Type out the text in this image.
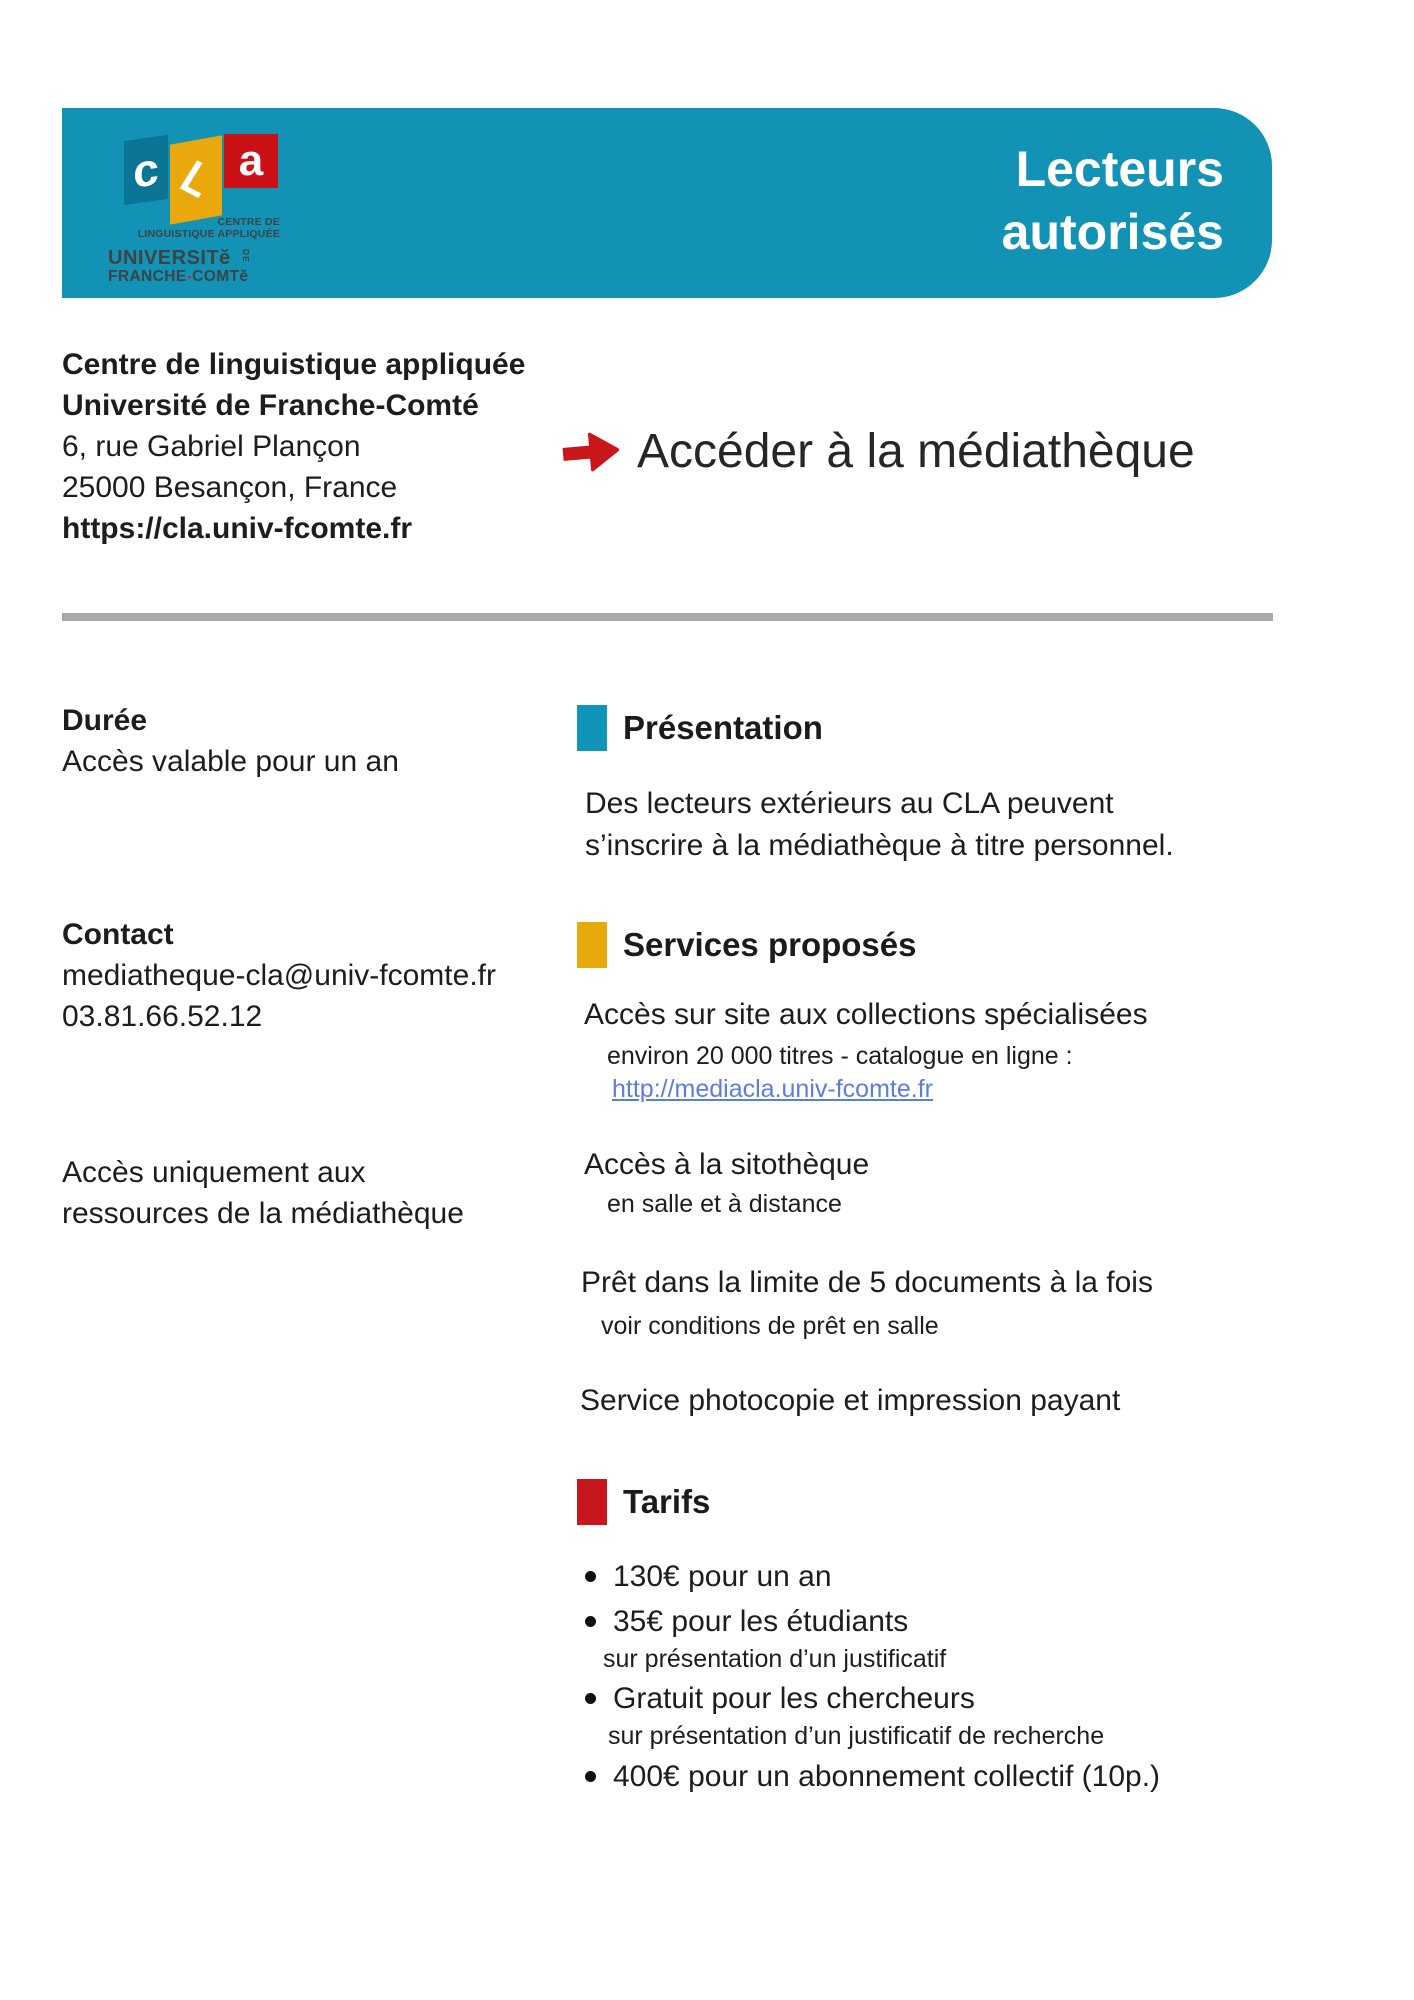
c L a
CENTRE DE
LINGUISTIQUE APPLIQUÉE
UNIVERSITĕ	DE
FRANCHE-COMTĕ
Lecteurs
autorisés
Centre de linguistique appliquée
Université de Franche-Comté
6, rue Gabriel Plançon
25000 Besançon, France
https://cla.univ-fcomte.fr
Accéder à la médiathèque
Durée
Accès valable pour un an
Contact
mediatheque-cla@univ-fcomte.fr
03.81.66.52.12
Accès uniquement aux
ressources de la médiathèque
Présentation
Des lecteurs extérieurs au CLA peuvent
s’inscrire à la médiathèque à titre personnel.
Services proposés
Accès sur site aux collections spécialisées
environ 20 000 titres - catalogue en ligne :
http://mediacla.univ-fcomte.fr
Accès à la sitothèque
en salle et à distance
Prêt dans la limite de 5 documents à la fois
voir conditions de prêt en salle
Service photocopie et impression payant
Tarifs
130€ pour un an
35€ pour les étudiants
sur présentation d’un justificatif
Gratuit pour les chercheurs
sur présentation d’un justificatif de recherche
400€ pour un abonnement collectif (10p.)
